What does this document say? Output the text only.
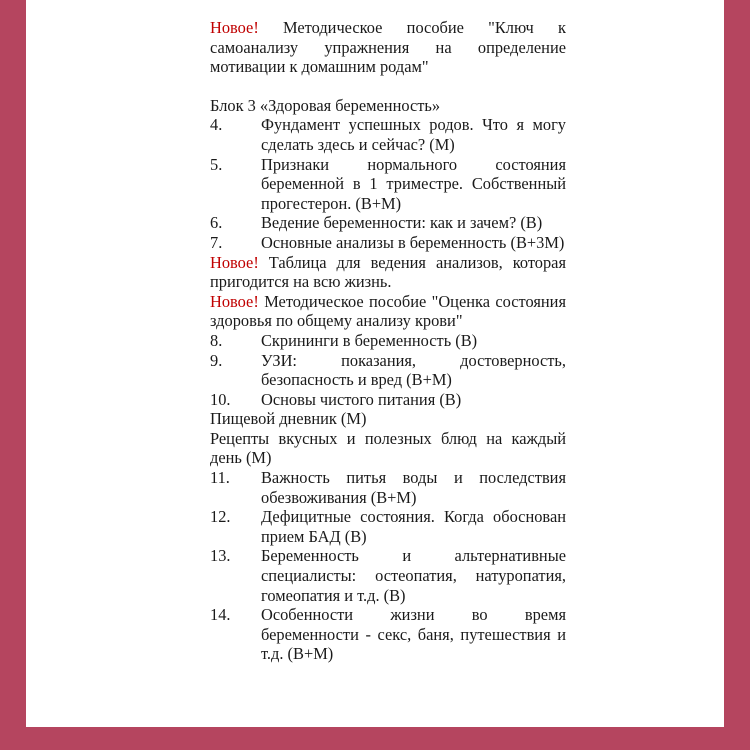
Новое! Методическое пособие "Ключ к самоанализу упражнения на определение мотивации к домашним родам"

Блок 3 «Здоровая беременность»

4.	Фундамент успешных родов. Что я могу сделать здесь и сейчас? (М)
5.	Признаки нормального состояния беременной в 1 триместре. Собственный прогестерон. (В+М)
6.	Ведение беременности: как и зачем? (В)
7.	Основные анализы в беременность (В+3М)

Новое! Таблица для ведения анализов, которая пригодится на всю жизнь.

Новое! Методическое пособие "Оценка состояния здоровья по общему анализу крови"

8.	Скрининги в беременность (В)
9.	УЗИ: показания, достоверность, безопасность и вред (В+М)
10.	Основы чистого питания (В)

Пищевой дневник (М)

Рецепты вкусных и полезных блюд на каждый день (М)

11.	Важность питья воды и последствия обезвоживания (В+М)
12.	Дефицитные состояния. Когда обоснован прием БАД (В)
13.	Беременность и альтернативные специалисты: остеопатия, натуропатия, гомеопатия и т.д. (В)
14.	Особенности жизни во время беременности - секс, баня, путешествия и т.д. (В+М)
